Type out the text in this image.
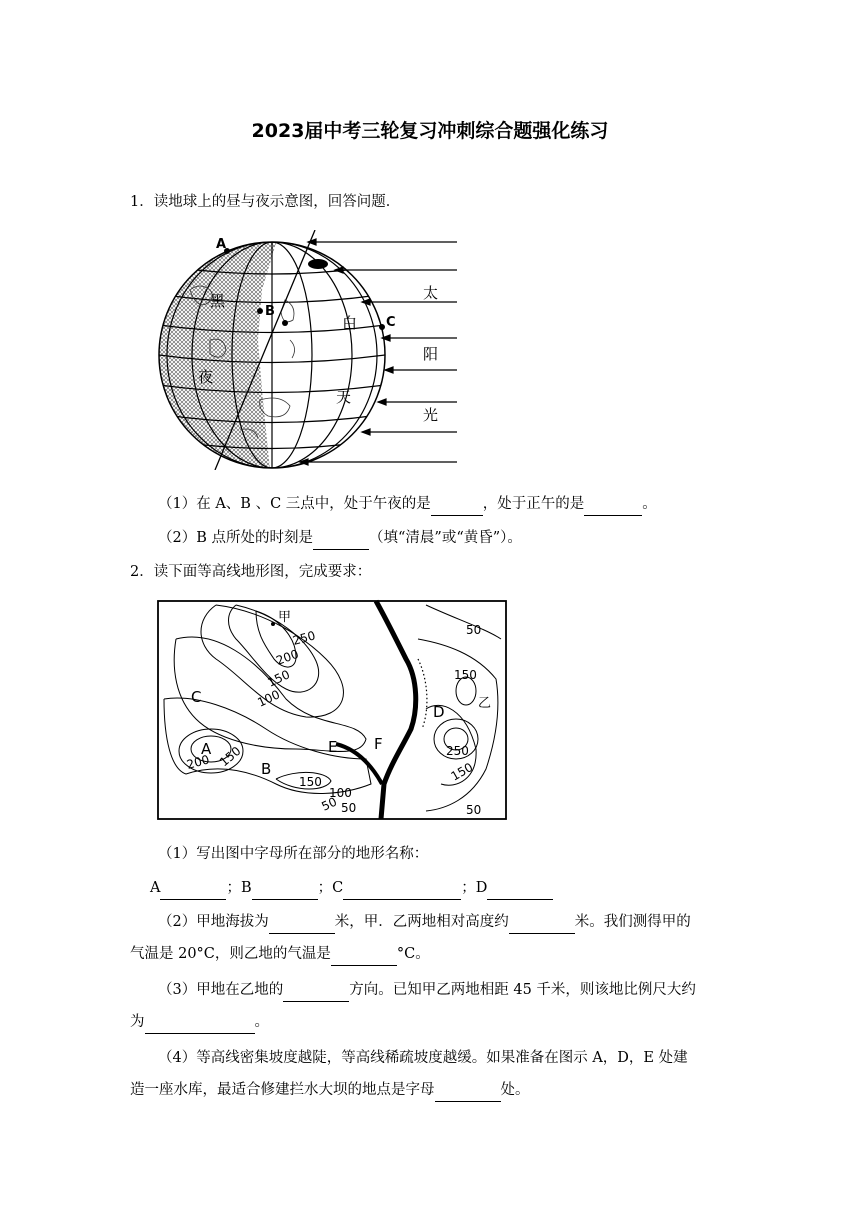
2023届中考三轮复习冲刺综合题强化练习
1．读地球上的昼与夜示意图，回答问题．
A
B
C
黑
夜
白
天
太
阳
光
（1）在 A、B 、C 三点中，处于午夜的是	，处于正午的是	。
（2）B 点所处的时刻是	（填“清晨”或“黄昏”）。
2．读下面等高线地形图，完成要求：
甲
乙
A
B
C
D
E F
250
200
150
100
50
50
150
250
150
50
200 150
150
100
50
（1）写出图中字母所在部分的地形名称：
A	；B	；C	；D
（2）甲地海拔为	米，甲．乙两地相对高度约	米。我们测得甲的
气温是 20°C，则乙地的气温是	°C。
（3）甲地在乙地的	方向。已知甲乙两地相距 45 千米，则该地比例尺大约
为	。
（4）等高线密集坡度越陡，等高线稀疏坡度越缓。如果准备在图示 A，D，E 处建
造一座水库，最适合修建拦水大坝的地点是字母	处。
